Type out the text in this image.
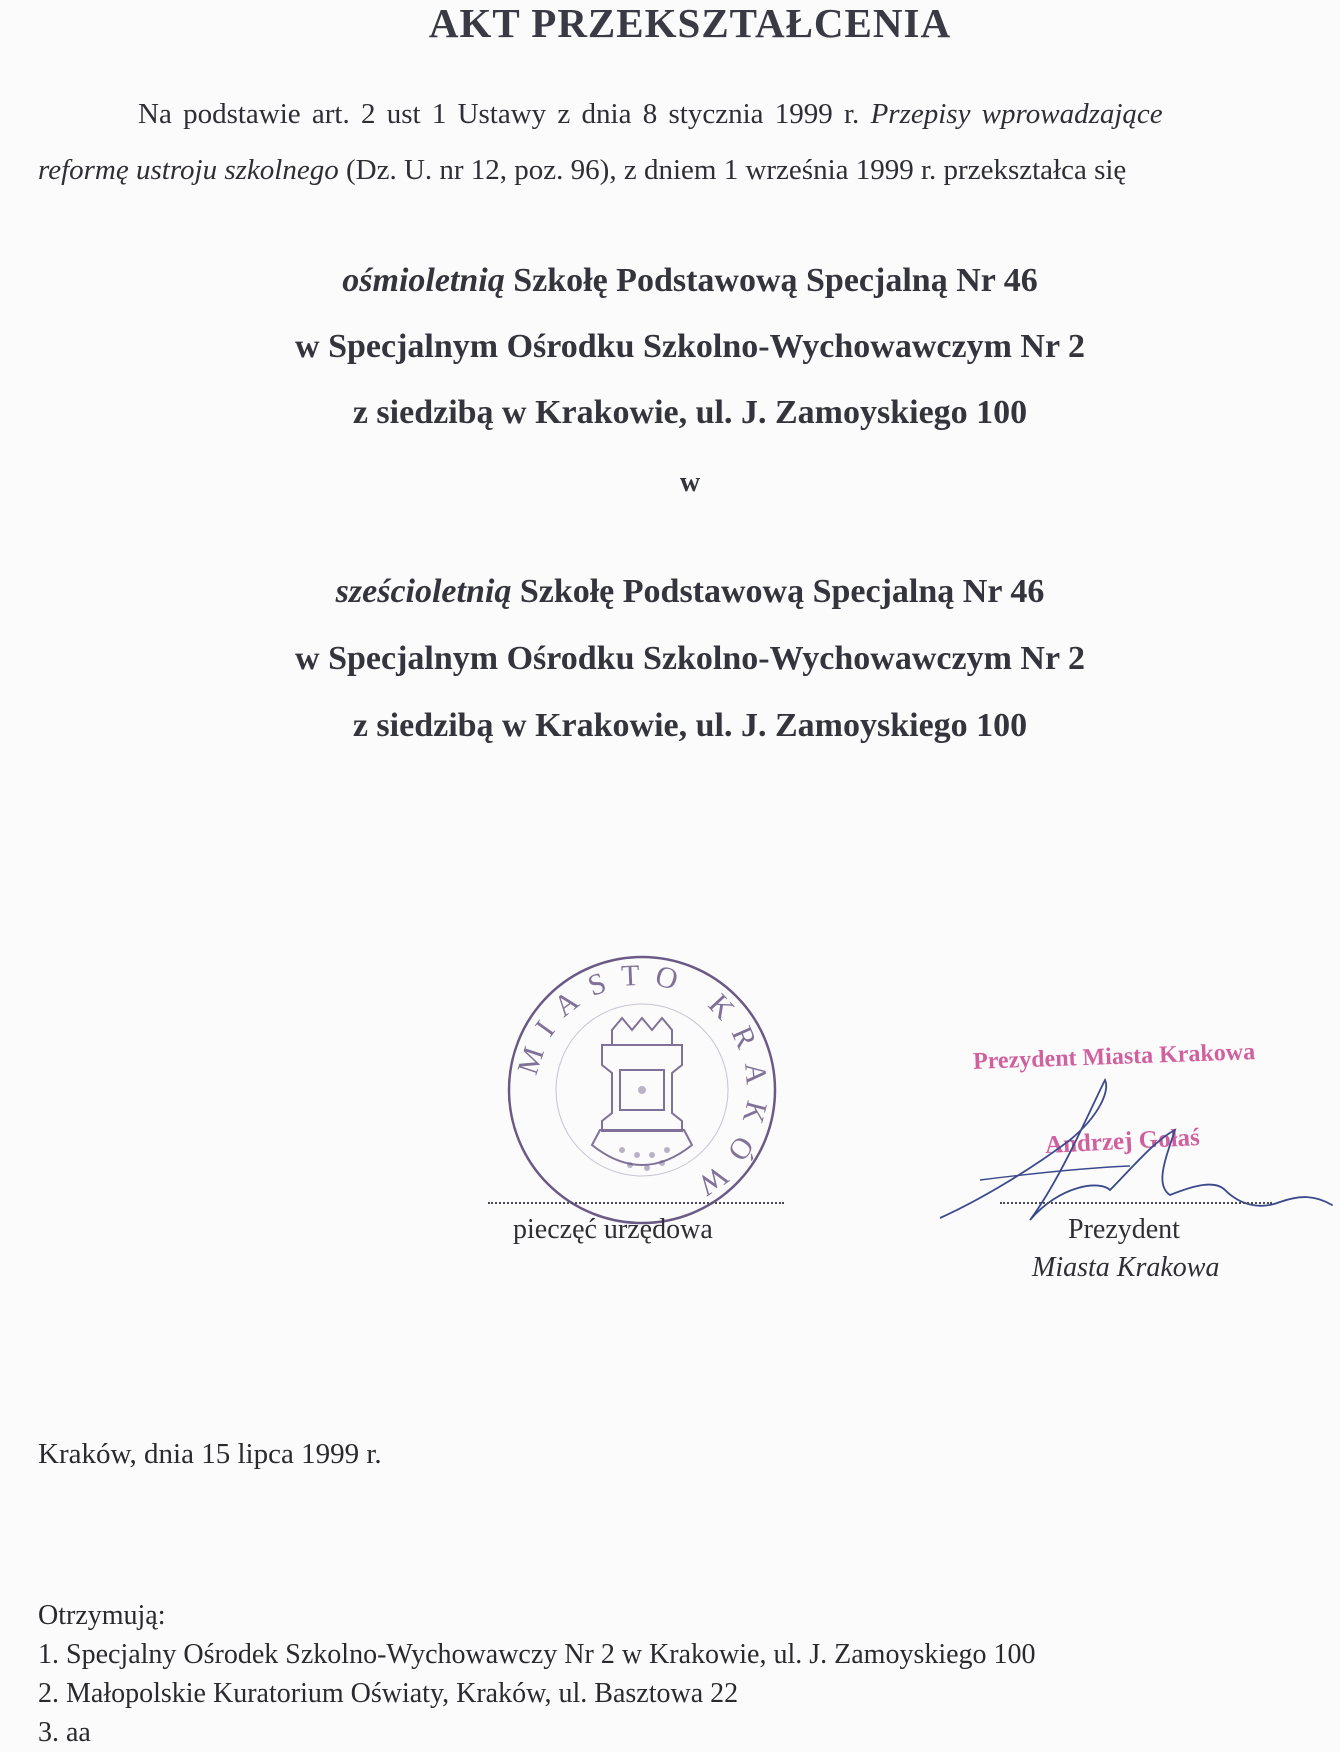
AKT PRZEKSZTAŁCENIA
Na podstawie art. 2 ust 1 Ustawy z dnia 8 stycznia 1999 r. Przepisy wprowadzające
reformę ustroju szkolnego (Dz. U. nr 12, poz. 96), z dniem 1 września 1999 r. przekształca się
ośmioletnią Szkołę Podstawową Specjalną Nr 46
w Specjalnym Ośrodku Szkolno-Wychowawczym Nr 2
z siedzibą w Krakowie, ul. J. Zamoyskiego 100
w
sześcioletnią Szkołę Podstawową Specjalną Nr 46
w Specjalnym Ośrodku Szkolno-Wychowawczym Nr 2
z siedzibą w Krakowie, ul. J. Zamoyskiego 100
MIASTO KRAKÓW
pieczęć urzędowa
Prezydent Miasta Krakowa
Andrzej Gołaś
Prezydent
Miasta Krakowa
Kraków, dnia 15 lipca 1999 r.
Otrzymują:
1. Specjalny Ośrodek Szkolno-Wychowawczy Nr 2 w Krakowie, ul. J. Zamoyskiego 100
2. Małopolskie Kuratorium Oświaty, Kraków, ul. Basztowa 22
3. aa
